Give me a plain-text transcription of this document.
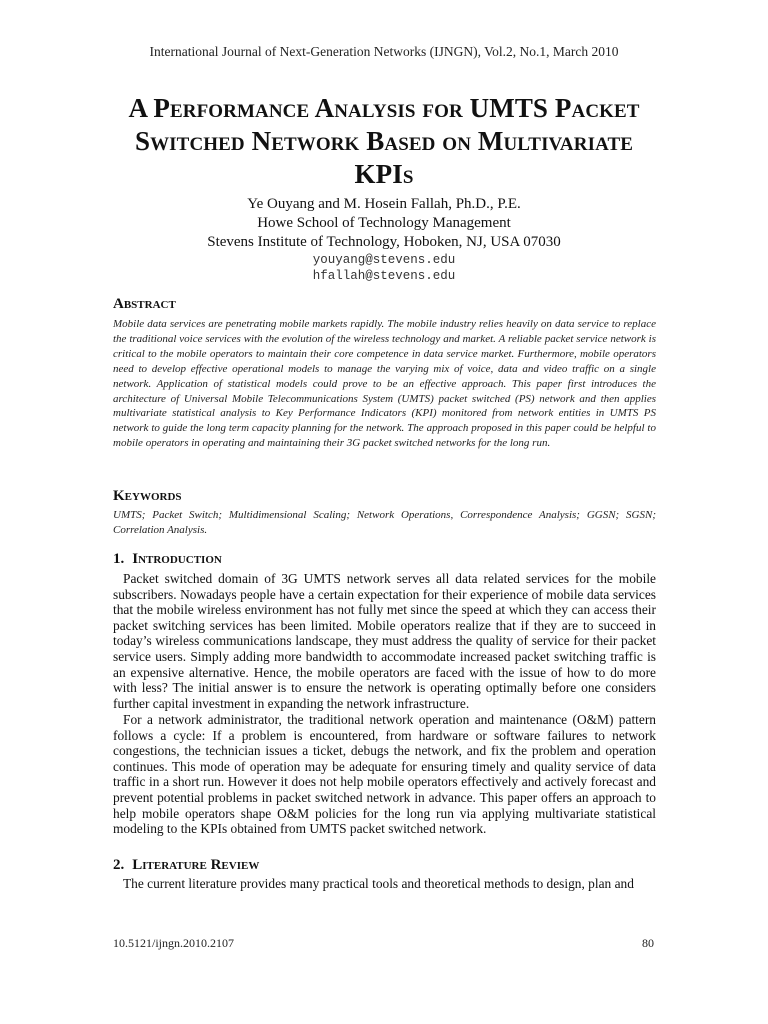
International Journal of Next-Generation Networks (IJNGN), Vol.2, No.1, March 2010
A Performance Analysis for UMTS Packet
Switched Network Based on Multivariate
KPIs
Ye Ouyang and M. Hosein Fallah, Ph.D., P.E.
Howe School of Technology Management
Stevens Institute of Technology, Hoboken, NJ, USA 07030
youyang@stevens.edu
hfallah@stevens.edu
Abstract

Mobile data services are penetrating mobile markets rapidly. The mobile industry relies heavily on data service to replace the traditional voice services with the evolution of the wireless technology and market. A reliable packet service network is critical to the mobile operators to maintain their core competence in data service market. Furthermore, mobile operators need to develop effective operational models to manage the varying mix of voice, data and video traffic on a single network. Application of statistical models could prove to be an effective approach. This paper first introduces the architecture of Universal Mobile Telecommunications System (UMTS) packet switched (PS) network and then applies multivariate statistical analysis to Key Performance Indicators (KPI) monitored from network entities in UMTS PS network to guide the long term capacity planning for the network. The approach proposed in this paper could be helpful to mobile operators in operating and maintaining their 3G packet switched networks for the long run.

Keywords

UMTS; Packet Switch; Multidimensional Scaling; Network Operations, Correspondence Analysis; GGSN; SGSN; Correlation Analysis.

1. Introduction

Packet switched domain of 3G UMTS network serves all data related services for the mobile subscribers. Nowadays people have a certain expectation for their experience of mobile data services that the mobile wireless environment has not fully met since the speed at which they can access their packet switching services has been limited. Mobile operators realize that if they are to succeed in today’s wireless communications landscape, they must address the quality of service for their packet service users. Simply adding more bandwidth to accommodate increased packet switching traffic is an expensive alternative. Hence, the mobile operators are faced with the issue of how to do more with less? The initial answer is to ensure the network is operating optimally before one considers further capital investment in expanding the network infrastructure.

For a network administrator, the traditional network operation and maintenance (O&M) pattern follows a cycle: If a problem is encountered, from hardware or software failures to network congestions, the technician issues a ticket, debugs the network, and fix the problem and operation continues. This mode of operation may be adequate for ensuring timely and quality service of data traffic in a short run. However it does not help mobile operators effectively and actively forecast and prevent potential problems in packet switched network in advance. This paper offers an approach to help mobile operators shape O&M policies for the long run via applying multivariate statistical modeling to the KPIs obtained from UMTS packet switched network.

2. Literature Review

The current literature provides many practical tools and theoretical methods to design, plan and

10.5121/ijngn.2010.2107	80
